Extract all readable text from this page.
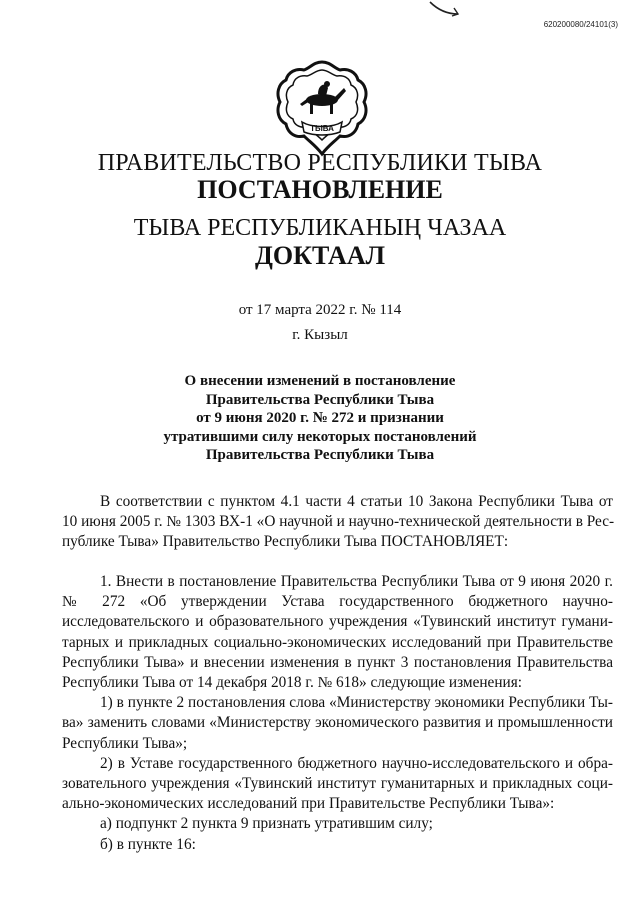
620200080/24101(3)
ТЫВА
ПРАВИТЕЛЬСТВО РЕСПУБЛИКИ ТЫВА
ПОСТАНОВЛЕНИЕ
ТЫВА РЕСПУБЛИКАНЫҢ ЧАЗАА
ДОКТААЛ
от 17 марта 2022 г. № 114
г. Кызыл
О внесении изменений в постановление
Правительства Республики Тыва
от 9 июня 2020 г. № 272 и признании
утратившими силу некоторых постановлений
Правительства Республики Тыва
В соответствии с пунктом 4.1 части 4 статьи 10 Закона Республики Тыва от
10 июня 2005 г. № 1303 ВХ-1 «О научной и научно-технической деятельности в Рес-
публике Тыва» Правительство Республики Тыва ПОСТАНОВЛЯЕТ:
1. Внести в постановление Правительства Республики Тыва от 9 июня 2020 г.
№ 272 «Об утверждении Устава государственного бюджетного научно-
исследовательского и образовательного учреждения «Тувинский институт гумани-
тарных и прикладных социально-экономических исследований при Правительстве
Республики Тыва» и внесении изменения в пункт 3 постановления Правительства
Республики Тыва от 14 декабря 2018 г. № 618» следующие изменения:
1) в пункте 2 постановления слова «Министерству экономики Республики Ты-
ва» заменить словами «Министерству экономического развития и промышленности
Республики Тыва»;
2) в Уставе государственного бюджетного научно-исследовательского и обра-
зовательного учреждения «Тувинский институт гуманитарных и прикладных соци-
ально-экономических исследований при Правительстве Республики Тыва»:
а) подпункт 2 пункта 9 признать утратившим силу;
б) в пункте 16:
